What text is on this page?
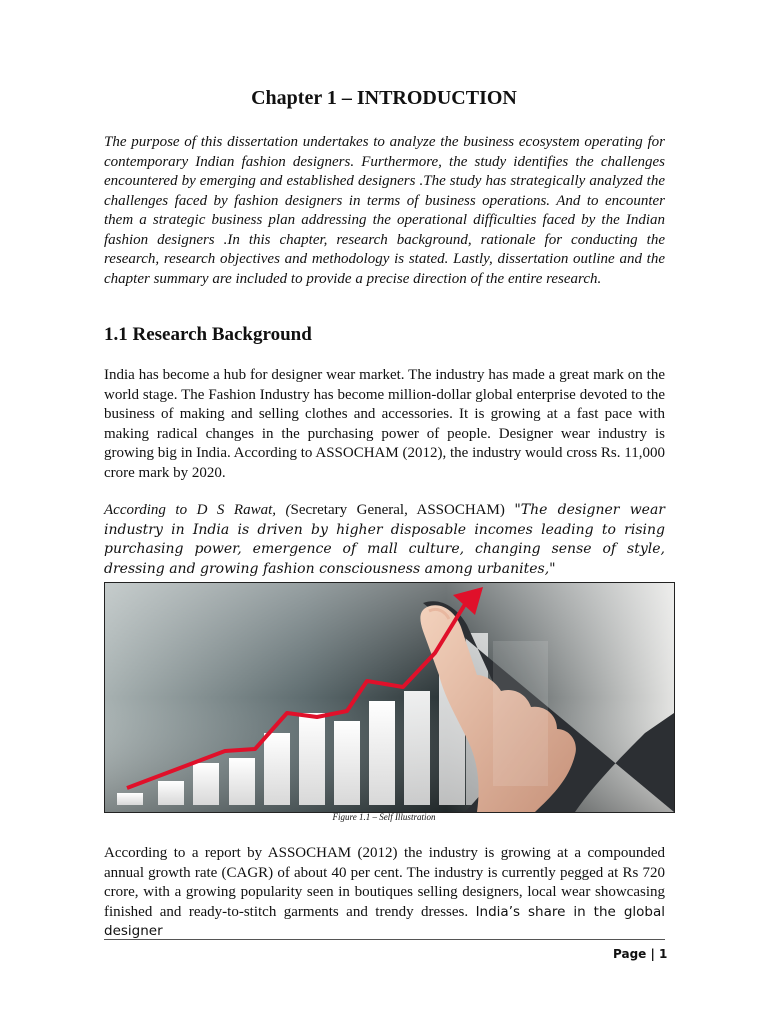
Chapter 1 – INTRODUCTION

The purpose of this dissertation undertakes to analyze the business ecosystem operating for contemporary Indian fashion designers. Furthermore, the study identifies the challenges encountered by emerging and established designers .The study has strategically analyzed the challenges faced by fashion designers in terms of business operations. And to encounter them a strategic business plan addressing the operational difficulties faced by the Indian fashion designers .In this chapter, research background, rationale for conducting the research, research objectives and methodology is stated. Lastly, dissertation outline and the chapter summary are included to provide a precise direction of the entire research.

1.1 Research Background

India has become a hub for designer wear market. The industry has made a great mark on the world stage. The Fashion Industry has become million-dollar global enterprise devoted to the business of making and selling clothes and accessories. It is growing at a fast pace with making radical changes in the purchasing power of people. Designer wear industry is growing big in India. According to ASSOCHAM (2012), the industry would cross Rs. 11,000 crore mark by 2020.

According to D S Rawat, (Secretary General, ASSOCHAM) "The designer wear industry in India is driven by higher disposable incomes leading to rising purchasing power, emergence of mall culture, changing sense of style, dressing and growing fashion consciousness among urbanites,"

Figure 1.1 – Self Illustration

According to a report by ASSOCHAM (2012) the industry is growing at a compounded annual growth rate (CAGR) of about 40 per cent. The industry is currently pegged at Rs 720 crore, with a growing popularity seen in boutiques selling designers, local wear showcasing finished and ready-to-stitch garments and trendy dresses. India’s share in the global designer

Page | 1
